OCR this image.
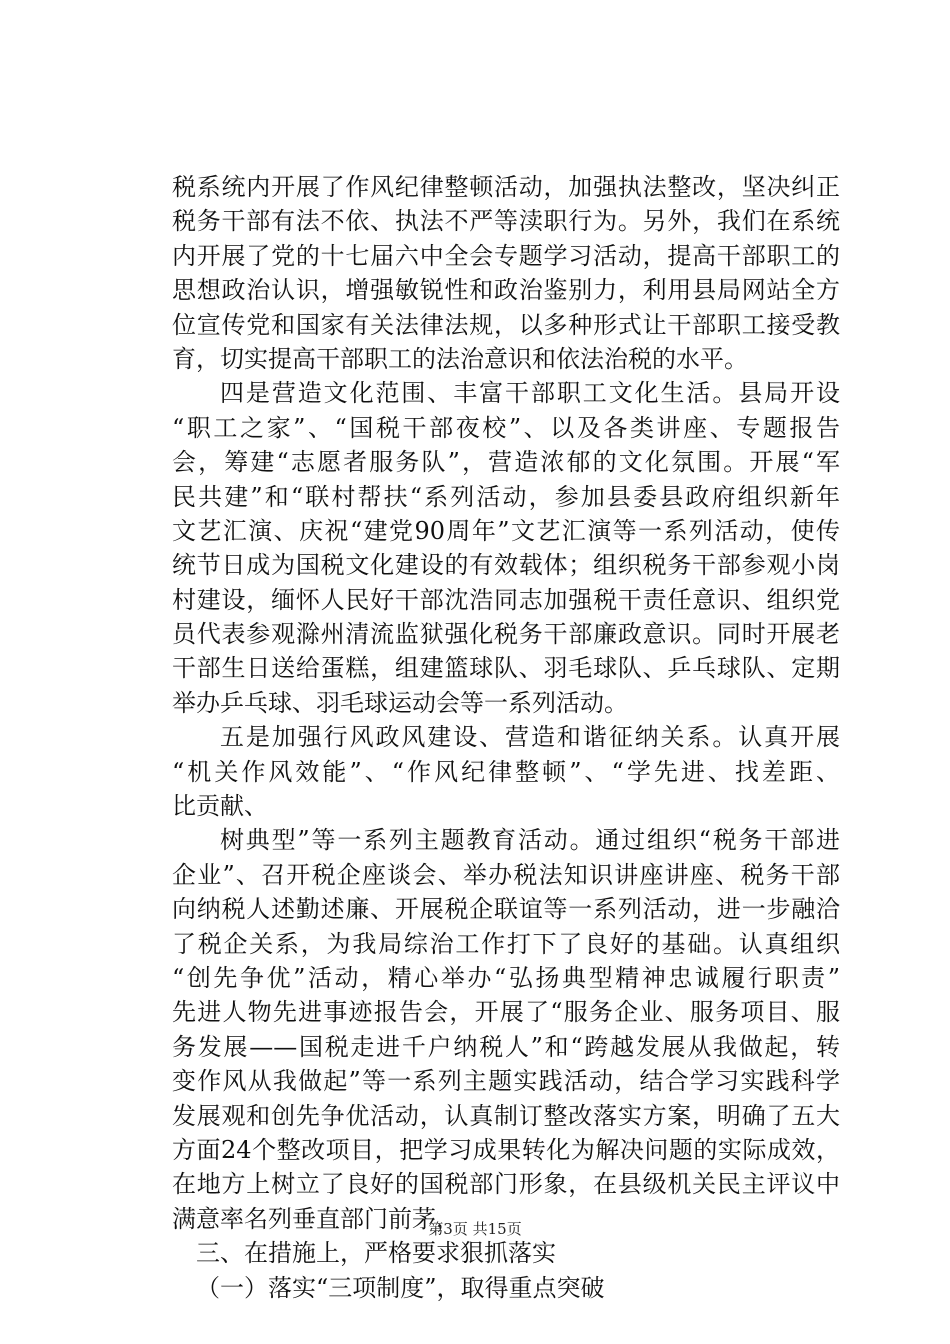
税系统内开展了作风纪律整顿活动，加强执法整改，坚决纠正
税务干部有法不依、执法不严等渎职行为。另外，我们在系统
内开展了党的十七届六中全会专题学习活动，提高干部职工的
思想政治认识，增强敏锐性和政治鉴别力，利用县局网站全方
位宣传党和国家有关法律法规，以多种形式让干部职工接受教
育，切实提高干部职工的法治意识和依法治税的水平。
四是营造文化范围、丰富干部职工文化生活。县局开设
“职工之家”、“国税干部夜校”、以及各类讲座、专题报告
会，筹建“志愿者服务队”，营造浓郁的文化氛围。开展“军
民共建”和“联村帮扶“系列活动，参加县委县政府组织新年
文艺汇演、庆祝“建党90周年”文艺汇演等一系列活动，使传
统节日成为国税文化建设的有效载体；组织税务干部参观小岗
村建设，缅怀人民好干部沈浩同志加强税干责任意识、组织党
员代表参观滁州清流监狱强化税务干部廉政意识。同时开展老
干部生日送给蛋糕，组建篮球队、羽毛球队、乒乓球队、定期
举办乒乓球、羽毛球运动会等一系列活动。
五是加强行风政风建设、营造和谐征纳关系。认真开展
“机关作风效能”、“作风纪律整顿”、“学先进、找差距、
比贡献、
树典型”等一系列主题教育活动。通过组织“税务干部进
企业”、召开税企座谈会、举办税法知识讲座讲座、税务干部
向纳税人述勤述廉、开展税企联谊等一系列活动，进一步融洽
了税企关系，为我局综治工作打下了良好的基础。认真组织
“创先争优”活动，精心举办“弘扬典型精神忠诚履行职责”
先进人物先进事迹报告会，开展了“服务企业、服务项目、服
务发展——国税走进千户纳税人”和“跨越发展从我做起，转
变作风从我做起”等一系列主题实践活动，结合学习实践科学
发展观和创先争优活动，认真制订整改落实方案，明确了五大
方面24个整改项目，把学习成果转化为解决问题的实际成效，
在地方上树立了良好的国税部门形象，在县级机关民主评议中
满意率名列垂直部门前茅，
三、在措施上，严格要求狠抓落实
（一）落实“三项制度”，取得重点突破
第3页 共15页
